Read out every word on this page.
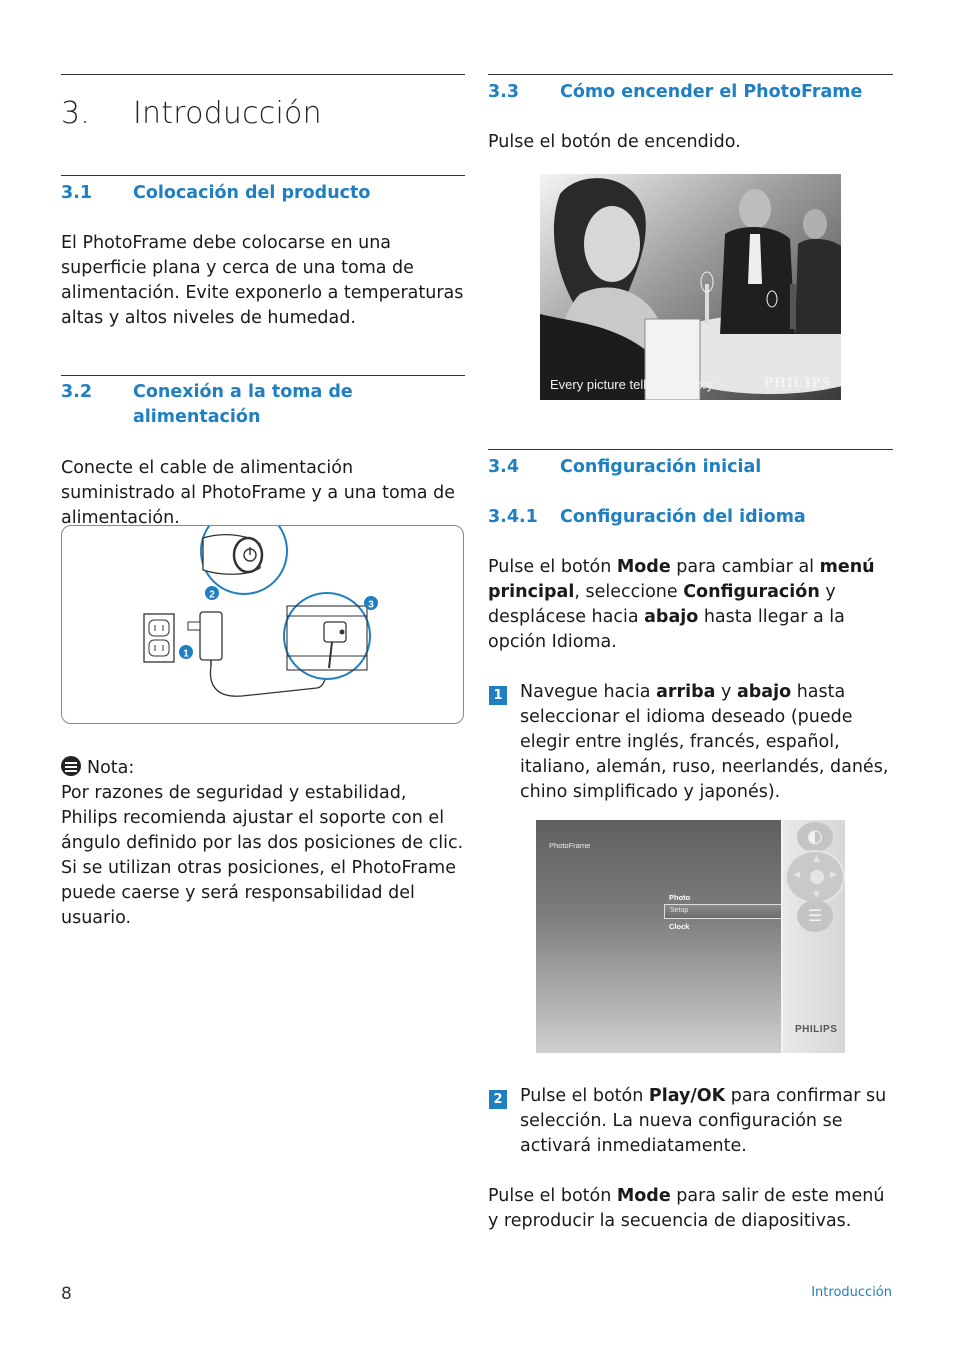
3. Introducción
3.1 Colocación del producto
El PhotoFrame debe colocarse en una superficie plana y cerca de una toma de alimentación. Evite exponerlo a temperaturas altas y altos niveles de humedad.
3.2 Conexión a la toma de
alimentación
Conecte el cable de alimentación suministrado al PhotoFrame y a una toma de alimentación.
1
2
3
Nota:
Por razones de seguridad y estabilidad, Philips recomienda ajustar el soporte con el ángulo definido por las dos posiciones de clic. Si se utilizan otras posiciones, el PhotoFrame puede caerse y será responsabilidad del usuario.
3.3 Cómo encender el PhotoFrame
Pulse el botón de encendido.
Every picture tells your story	PHILIPS
3.4 Configuración inicial
3.4.1 Configuración del idioma
Pulse el botón Mode para cambiar al menú principal, seleccione Configuración y desplácese hacia abajo hasta llegar a la opción Idioma.
1 Navegue hacia arriba y abajo hasta seleccionar el idioma deseado (puede elegir entre inglés, francés, español, italiano, alemán, ruso, neerlandés, danés, chino simplificado y japonés).
PhotoFrame
Photo
Setup
Clock
◐
▲
▼
◀	▶
☰
PHILIPS
2 Pulse el botón Play/OK para confirmar su selección. La nueva configuración se activará inmediatamente.
Pulse el botón Mode para salir de este menú y reproducir la secuencia de diapositivas.
8	Introducción
